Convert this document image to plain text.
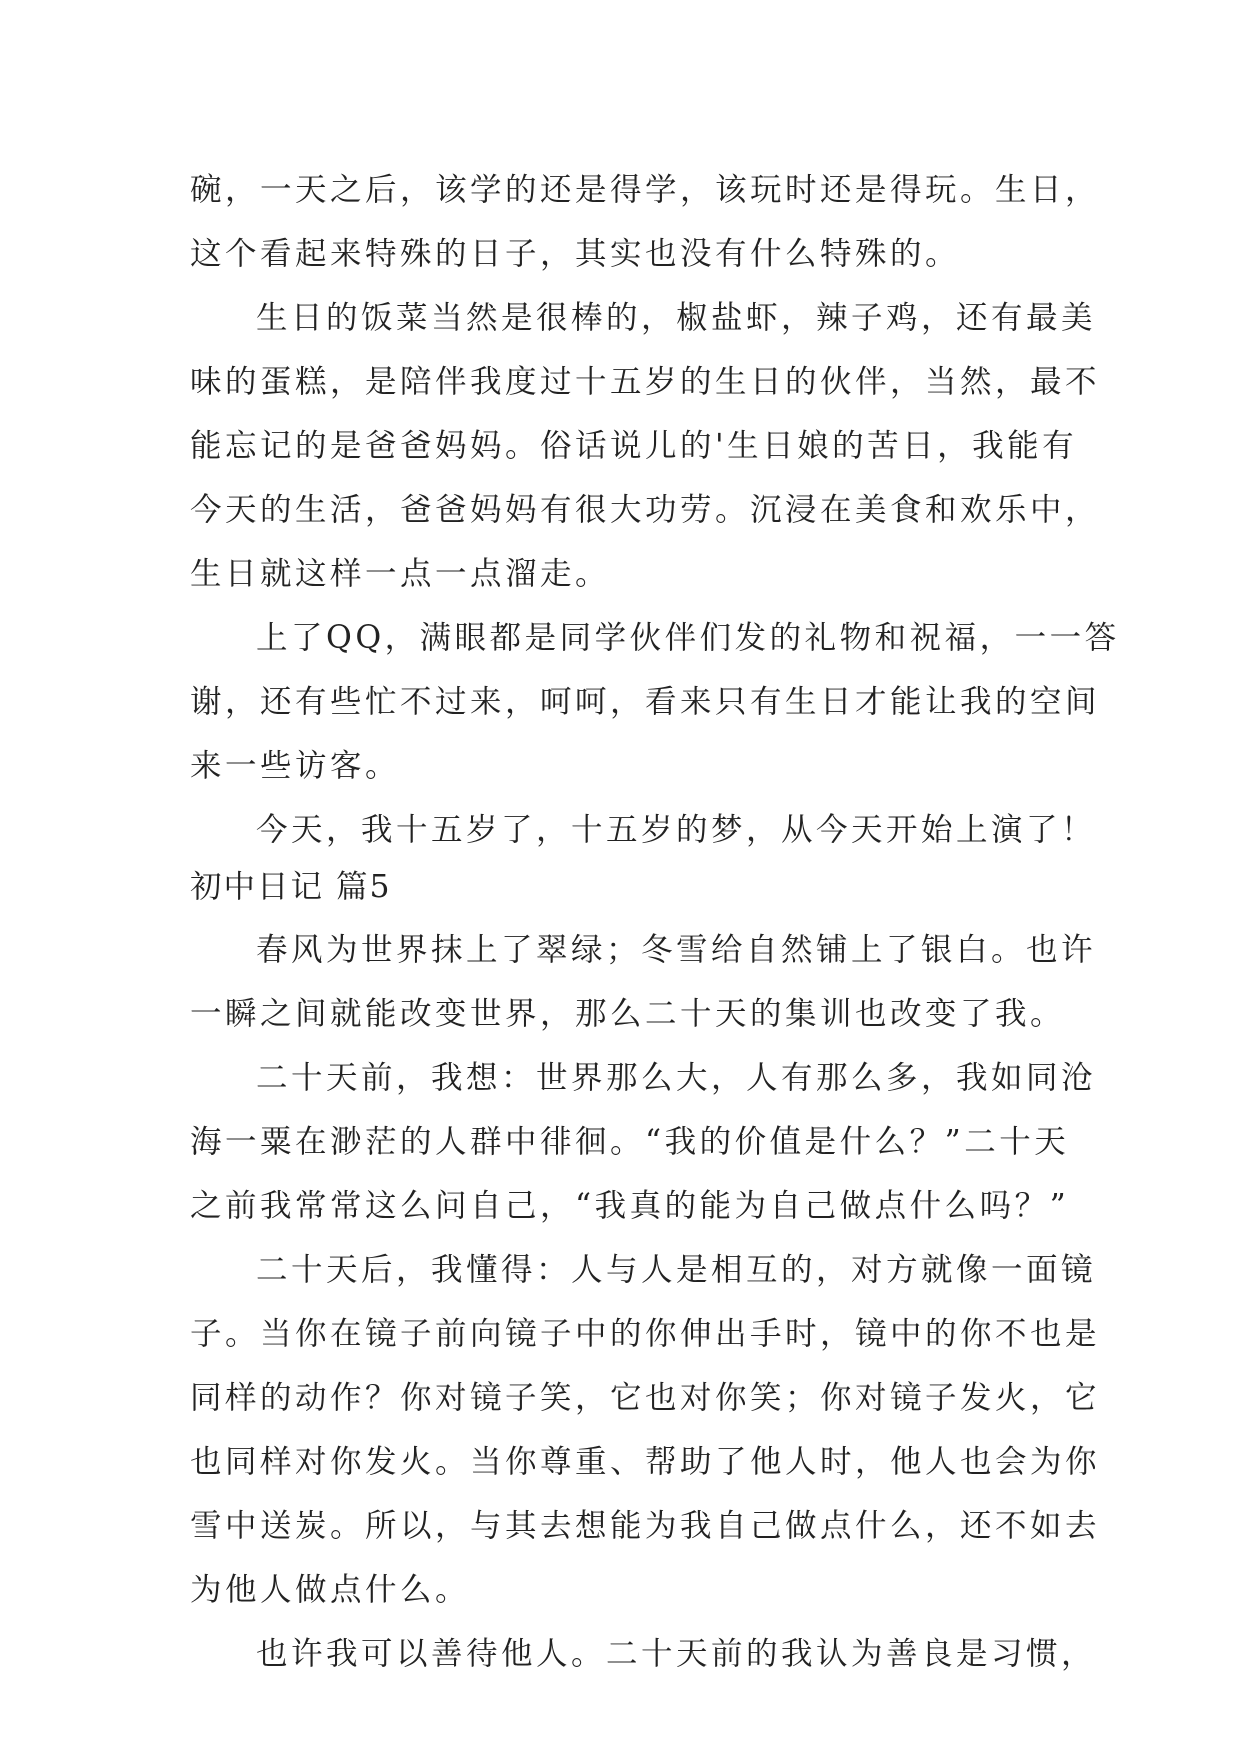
碗，一天之后，该学的还是得学，该玩时还是得玩。生日，
这个看起来特殊的日子，其实也没有什么特殊的。
生日的饭菜当然是很棒的，椒盐虾，辣子鸡，还有最美
味的蛋糕，是陪伴我度过十五岁的生日的伙伴，当然，最不
能忘记的是爸爸妈妈。俗话说儿的'生日娘的苦日，我能有
今天的生活，爸爸妈妈有很大功劳。沉浸在美食和欢乐中，
生日就这样一点一点溜走。
上了QQ，满眼都是同学伙伴们发的礼物和祝福，一一答
谢，还有些忙不过来，呵呵，看来只有生日才能让我的空间
来一些访客。
今天，我十五岁了，十五岁的梦，从今天开始上演了！
初中日记 篇5
春风为世界抹上了翠绿；冬雪给自然铺上了银白。也许
一瞬之间就能改变世界，那么二十天的集训也改变了我。
二十天前，我想：世界那么大，人有那么多，我如同沧
海一粟在渺茫的人群中徘徊。“我的价值是什么？”二十天
之前我常常这么问自己，“我真的能为自己做点什么吗？”
二十天后，我懂得：人与人是相互的，对方就像一面镜
子。当你在镜子前向镜子中的你伸出手时，镜中的你不也是
同样的动作？你对镜子笑，它也对你笑；你对镜子发火，它
也同样对你发火。当你尊重、帮助了他人时，他人也会为你
雪中送炭。所以，与其去想能为我自己做点什么，还不如去
为他人做点什么。
也许我可以善待他人。二十天前的我认为善良是习惯，
